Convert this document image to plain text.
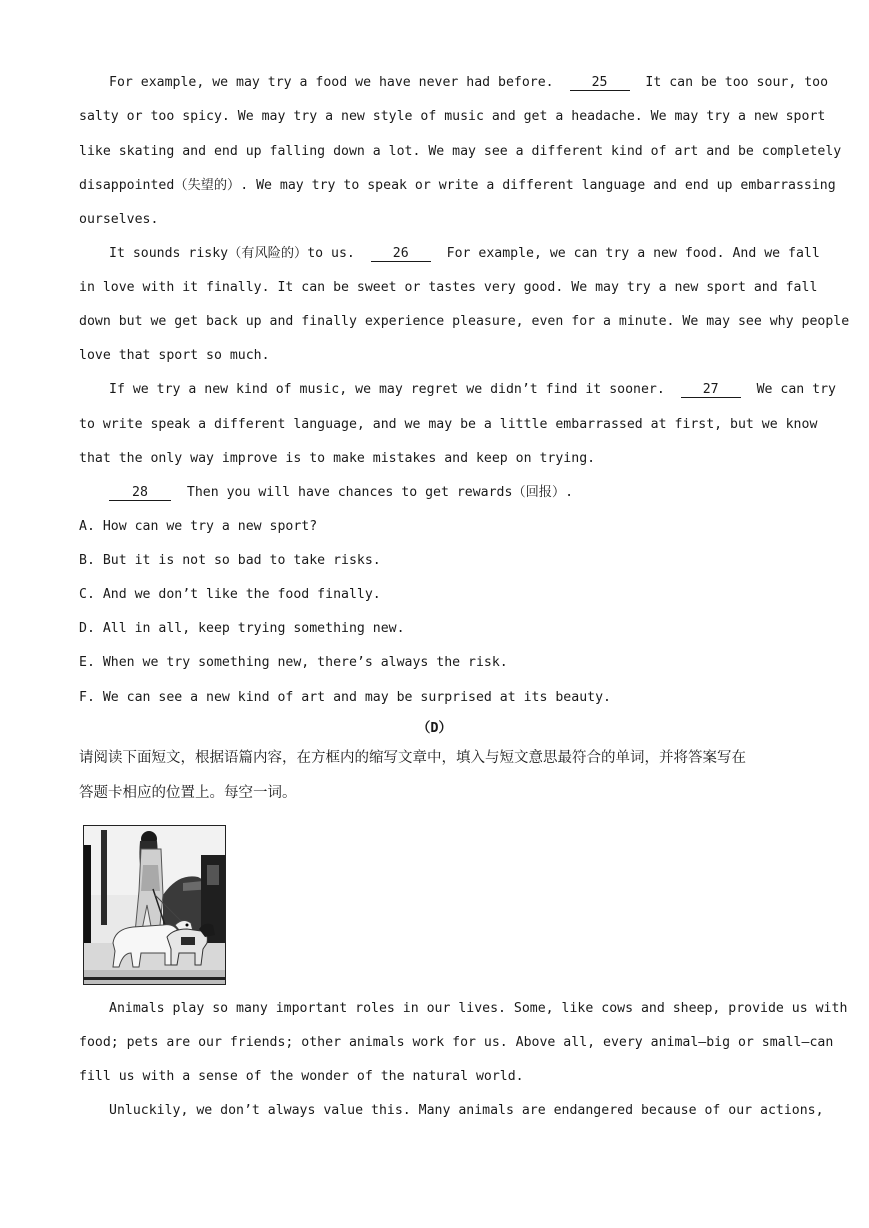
For example, we may try a food we have never had before.	25	It can be too sour, too
salty or too spicy. We may try a new style of music and get a headache. We may try a new sport
like skating and end up falling down a lot. We may see a different kind of art and be completely
disappointed（失望的）. We may try to speak or write a different language and end up embarrassing
ourselves.
It sounds risky（有风险的）to us.	26	For example, we can try a new food. And we fall
in love with it finally. It can be sweet or tastes very good. We may try a new sport and fall
down but we get back up and finally experience pleasure, even for a minute. We may see why people
love that sport so much.
If we try a new kind of music, we may regret we didn’t find it sooner.	27	We can try
to write speak a different language, and we may be a little embarrassed at first, but we know
that the only way improve is to make mistakes and keep on trying.
28	Then you will have chances to get rewards（回报）.
A. How can we try a new sport?
B. But it is not so bad to take risks.
C. And we don’t like the food finally.
D. All in all, keep trying something new.
E. When we try something new, there’s always the risk.
F. We can see a new kind of art and may be surprised at its beauty.
（D）
请阅读下面短文，根据语篇内容，在方框内的缩写文章中，填入与短文意思最符合的单词，并将答案写在
答题卡相应的位置上。每空一词。
Animals play so many important roles in our lives. Some, like cows and sheep, provide us with
food; pets are our friends; other animals work for us. Above all, every animal—big or small—can
fill us with a sense of the wonder of the natural world.
Unluckily, we don’t always value this. Many animals are endangered because of our actions,
